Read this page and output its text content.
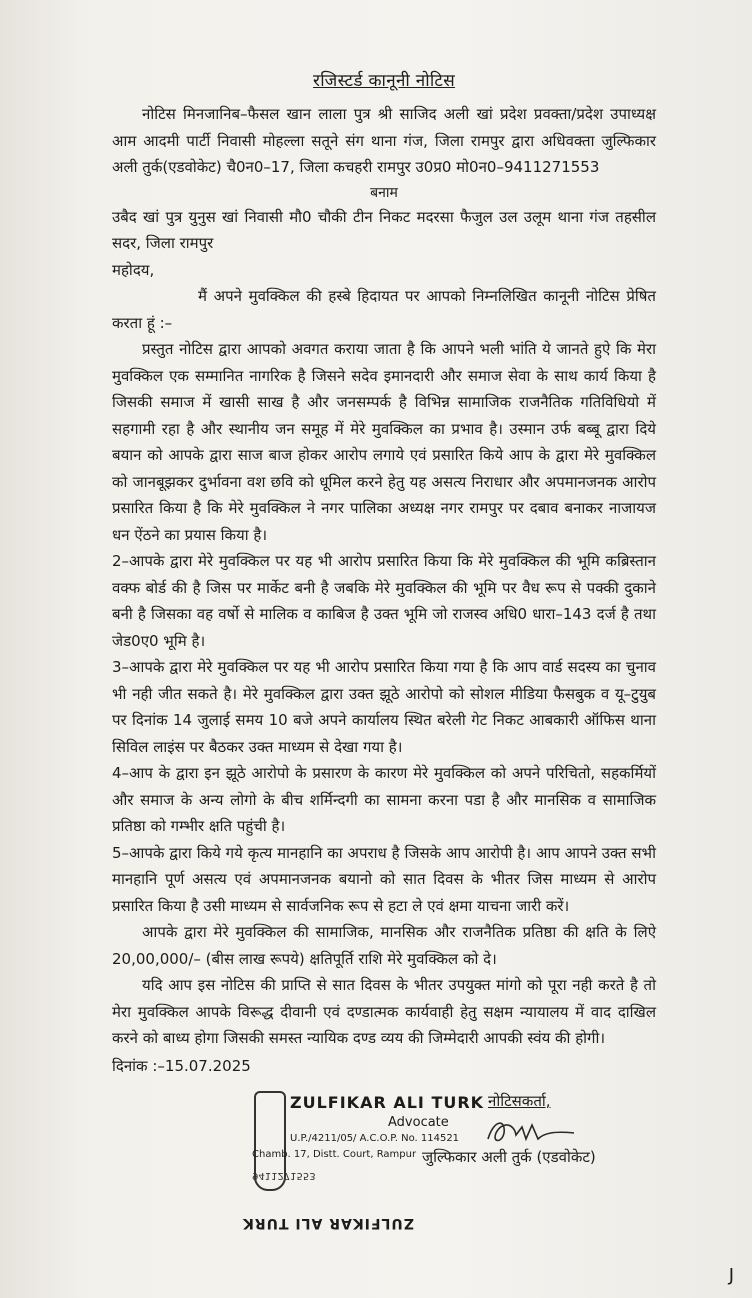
रजिस्टर्ड कानूनी नोटिस

नोटिस मिनजानिब–फैसल खान लाला पुत्र श्री साजिद अली खां प्रदेश प्रवक्ता/प्रदेश उपाध्यक्ष आम आदमी पार्टी निवासी मोहल्ला सतूने संग थाना गंज, जिला रामपुर द्वारा अधिवक्ता जुल्फिकार अली तुर्क(एडवोकेट) चै0न0–17, जिला कचहरी रामपुर उ0प्र0 मो0न0–9411271553

बनाम

उबैद खां पुत्र युनुस खां निवासी मौ0 चौकी टीन निकट मदरसा फैजुल उल उलूम थाना गंज तहसील सदर, जिला रामपुर

महोदय,

मैं अपने मुवक्किल की हस्बे हिदायत पर आपको निम्नलिखित कानूनी नोटिस प्रेषित करता हूं :–

प्रस्तुत नोटिस द्वारा आपको अवगत कराया जाता है कि आपने भली भांति ये जानते हुऐ कि मेरा मुवक्किल एक सम्मानित नागरिक है जिसने सदेव इमानदारी और समाज सेवा के साथ कार्य किया है जिसकी समाज में खासी साख है और जनसम्पर्क है विभिन्न सामाजिक राजनैतिक गतिविधियो में सहगामी रहा है और स्थानीय जन समूह में मेरे मुवक्किल का प्रभाव है। उस्मान उर्फ बब्बू द्वारा दिये बयान को आपके द्वारा साज बाज होकर आरोप लगाये एवं प्रसारित किये आप के द्वारा मेरे मुवक्किल को जानबूझकर दुर्भावना वश छवि को धूमिल करने हेतु यह असत्य निराधार और अपमानजनक आरोप प्रसारित किया है कि मेरे मुवक्किल ने नगर पालिका अध्यक्ष नगर रामपुर पर दबाव बनाकर नाजायज धन ऐंठने का प्रयास किया है।

2–आपके द्वारा मेरे मुवक्किल पर यह भी आरोप प्रसारित किया कि मेरे मुवक्किल की भूमि कब्रिस्तान वक्फ बोर्ड की है जिस पर मार्केट बनी है जबकि मेरे मुवक्किल की भूमि पर वैध रूप से पक्की दुकाने बनी है जिसका वह वर्षो से मालिक व काबिज है उक्त भूमि जो राजस्व अधि0 धारा–143 दर्ज है तथा जेड0ए0 भूमि है।

3–आपके द्वारा मेरे मुवक्किल पर यह भी आरोप प्रसारित किया गया है कि आप वार्ड सदस्य का चुनाव भी नही जीत सकते है। मेरे मुवक्किल द्वारा उक्त झूठे आरोपो को सोशल मीडिया फैसबुक व यू–टुयुब पर दिनांक 14 जुलाई समय 10 बजे अपने कार्यालय स्थित बरेली गेट निकट आबकारी ऑफिस थाना सिविल लाइंस पर बैठकर उक्त माध्यम से देखा गया है।

4–आप के द्वारा इन झूठे आरोपो के प्रसारण के कारण मेरे मुवक्किल को अपने परिचितो, सहकर्मियों और समाज के अन्य लोगो के बीच शर्मिन्दगी का सामना करना पडा है और मानसिक व सामाजिक प्रतिष्ठा को गम्भीर क्षति पहुंची है।

5–आपके द्वारा किये गये कृत्य मानहानि का अपराध है जिसके आप आरोपी है। आप आपने उक्त सभी मानहानि पूर्ण असत्य एवं अपमानजनक बयानो को सात दिवस के भीतर जिस माध्यम से आरोप प्रसारित किया है उसी माध्यम से सार्वजनिक रूप से हटा ले एवं क्षमा याचना जारी करें।

आपके द्वारा मेरे मुवक्किल की सामाजिक, मानसिक और राजनैतिक प्रतिष्ठा की क्षति के लिऐ 20,00,000/– (बीस लाख रूपये) क्षतिपूर्ति राशि मेरे मुवक्किल को दे।

यदि आप इस नोटिस की प्राप्ति से सात दिवस के भीतर उपयुक्त मांगो को पूरा नही करते है तो मेरा मुवक्किल आपके विरूद्ध दीवानी एवं दण्डात्मक कार्यवाही हेतु सक्षम न्यायालय में वाद दाखिल करने को बाध्य होगा जिसकी समस्त न्यायिक दण्ड व्यय की जिम्मेदारी आपकी स्वंय की होगी।

दिनांक :–15.07.2025

ZULFIKAR ALI TURK
Advocate
U.P./4211/05/ A.C.O.P. No. 114521
Chamb. 17, Distt. Court, Rampur
9411271553
ZULFIKAR ALI TURK
नोटिसकर्ता,
जुल्फिकार अली तुर्क (एडवोकेट)
J
